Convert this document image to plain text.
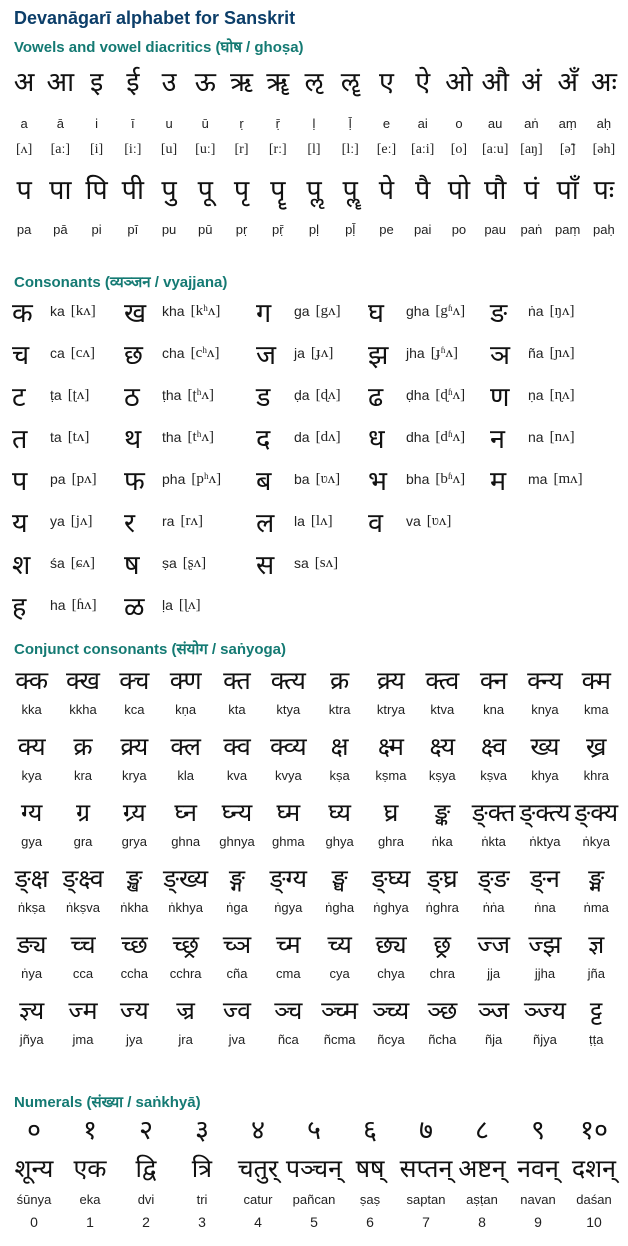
Devanāgarī alphabet for Sanskrit
Vowels and vowel diacritics (घोष / ghoṣa)
अ आ इ ई उ ऊ ऋ ॠ ऌ ॡ ए ऐ ओ औ अं अँ अः
a	ā	i	ī	u	ū	ṛ	ṝ	ḷ	ḹ	e	ai	o	au	aṅ	aṃ	aḥ
[ʌ]	[aː]	[i]	[iː]	[u]	[uː]	[r]	[rː]	[l]	[lː]	[eː]	[aːi]	[o]	[aːu] [aŋ]	[ə̃]	[əh]
प पा पि पी पु पू पृ पॄ पॢ पॣ पे पै पो पौ पं पाँ पः
pa	pā	pi	pī	pu	pū	pṛ	pṝ	pḷ	pḹ	pe	pai	po	pau	paṅ paṃ paḥ
Consonants (व्यञ्जन / vyajjana)
क	ka [kʌ] ख	kha [kʰʌ] ग	ga [gʌ] घ	gha [gʱʌ] ङ	ṅa [ŋʌ]
च	ca [cʌ] छ	cha [cʰʌ] ज	ja [ɟʌ] झ	jha [ɟʱʌ] ञ	ña [ɲʌ]
ट	ṭa [ʈʌ] ठ	ṭha [ʈʰʌ] ड	ḍa [ɖʌ] ढ	ḍha [ɖʱʌ] ण	ṇa [ɳʌ]
त	ta [tʌ] थ	tha [tʰʌ] द	da [dʌ] ध	dha [dʱʌ] न	na [nʌ]
प	pa [pʌ] फ	pha [pʰʌ] ब	ba [ʋʌ] भ	bha [bʱʌ] म	ma [mʌ]
य	ya [jʌ] र	ra [rʌ] ल	la [lʌ] व	va [ʋʌ]
श	śa [ɕʌ] ष	ṣa [ʂʌ] स	sa [sʌ]
ह	ha [ɦʌ] ळ	ḷa [ɭʌ]
Conjunct consonants (संयोग / saṅyoga)
क्क क्ख क्च क्ण क्त क्त्य क्र	क्र्य क्त्व क्न क्न्य क्म
kka	kkha	kca	kṇa	kta	ktya	ktra	ktrya	ktva	kna	knya	kma
क्य	क्र	क्र्य क्ल क्व क्व्य क्ष	क्ष्म	क्ष्य	क्ष्व ख्य	ख्र
kya	kra	krya	kla	kva	kvya	kṣa	kṣma	kṣya	kṣva	khya	khra
ग्य	ग्र	ग्र्य	घ्न घ्न्य घ्म	घ्य	घ्र	ङ्क ङ्क्त ङ्क्त्य ङ्क्य
gya	gra	grya	ghna	ghnya	ghma	ghya	ghra	ṅka	ṅkta	ṅktya	ṅkya
ङ्क्ष ङ्क्ष्व ङ्ख ङ्ख्य ङ्ग ङ्ग्य ङ्घ ङ्घ्य ङ्घ्र ङ्ङ ङ्न	ङ्म
ṅkṣa	ṅkṣva	ṅkha	ṅkhya	ṅga	ṅgya	ṅgha	ṅghya	ṅghra	ṅṅa	ṅna	ṅma
ङ्य च्च	च्छ च्छ्र च्ञ च्म	च्य छ्य	छ्र	ज्ज ज्झ	ज्ञ
ṅya	cca	ccha	cchra	cña	cma	cya	chya	chra	jja	jjha	jña
ज्ञ्य ज्म ज्य	ज्र	ज्व ञ्च ञ्च्म ञ्च्य ञ्छ ञ्ज ञ्ज्य ट्ट
jñya	jma	jya	jra	jva	ñca	ñcma	ñcya	ñcha	ñja	ñjya	ṭṭa
Numerals (संख्या / saṅkhyā)
०	१	२	३	४	५	६	७	८	९	१०
शून्य एक	द्वि	त्रि	चतुर् पञ्चन् षष् सप्तन् अष्टन् नवन् दशन्
śūnya	eka	dvi	tri	catur	pañcan	ṣaṣ	saptan	aṣṭan	navan	daśan
0	1	2	3	4	5	6	7	8	9	10
